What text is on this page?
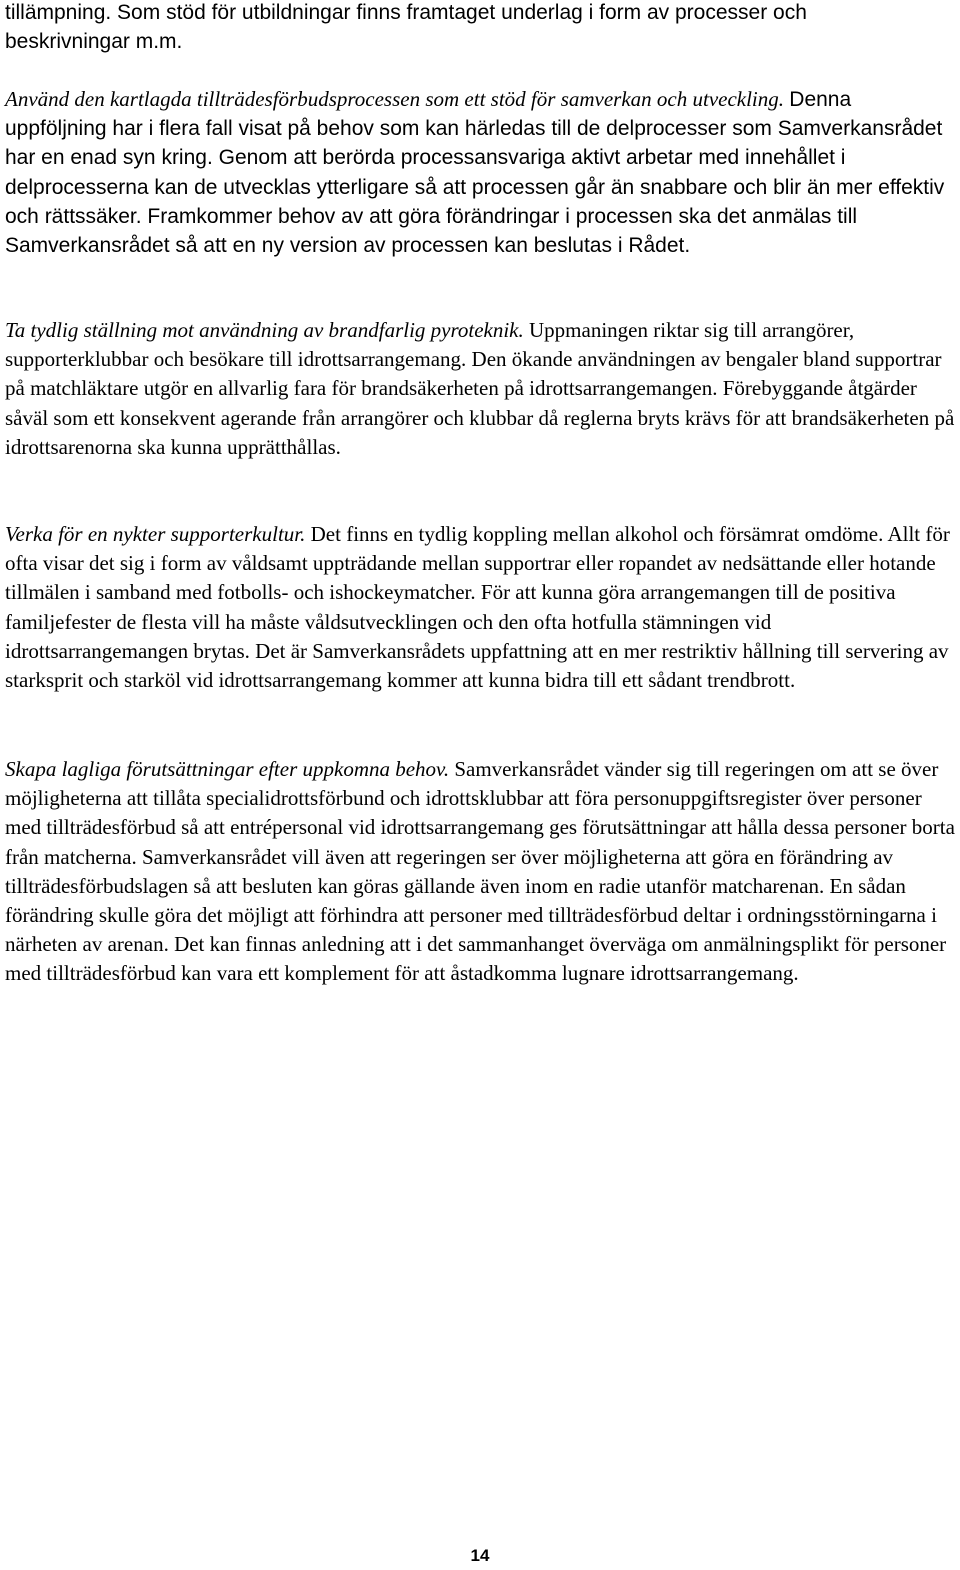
tillämpning. Som stöd för utbildningar finns framtaget underlag i form av processer och beskrivningar m.m.

Använd den kartlagda tillträdesförbudsprocessen som ett stöd för samverkan och utveckling. Denna uppföljning har i flera fall visat på behov som kan härledas till de delprocesser som Samverkansrådet har en enad syn kring. Genom att berörda processansvariga aktivt arbetar med innehållet i delprocesserna kan de utvecklas ytterligare så att processen går än snabbare och blir än mer effektiv och rättssäker. Framkommer behov av att göra förändringar i processen ska det anmälas till Samverkansrådet så att en ny version av processen kan beslutas i Rådet.

Ta tydlig ställning mot användning av brandfarlig pyroteknik. Uppmaningen riktar sig till arrangörer, supporterklubbar och besökare till idrottsarrangemang. Den ökande användningen av bengaler bland supportrar på matchläktare utgör en allvarlig fara för brandsäkerheten på idrottsarrangemangen. Förebyggande åtgärder såväl som ett konsekvent agerande från arrangörer och klubbar då reglerna bryts krävs för att brandsäkerheten på idrottsarenorna ska kunna upprätthållas.

Verka för en nykter supporterkultur. Det finns en tydlig koppling mellan alkohol och försämrat omdöme. Allt för ofta visar det sig i form av våldsamt uppträdande mellan supportrar eller ropandet av nedsättande eller hotande tillmälen i samband med fotbolls- och ishockeymatcher. För att kunna göra arrangemangen till de positiva familjefester de flesta vill ha måste våldsutvecklingen och den ofta hotfulla stämningen vid idrottsarrangemangen brytas. Det är Samverkansrådets uppfattning att en mer restriktiv hållning till servering av starksprit och starköl vid idrottsarrangemang kommer att kunna bidra till ett sådant trendbrott.

Skapa lagliga förutsättningar efter uppkomna behov. Samverkansrådet vänder sig till regeringen om att se över möjligheterna att tillåta specialidrottsförbund och idrottsklubbar att föra personuppgiftsregister över personer med tillträdesförbud så att entrépersonal vid idrottsarrangemang ges förutsättningar att hålla dessa personer borta från matcherna. Samverkansrådet vill även att regeringen ser över möjligheterna att göra en förändring av tillträdesförbudslagen så att besluten kan göras gällande även inom en radie utanför matcharenan. En sådan förändring skulle göra det möjligt att förhindra att personer med tillträdesförbud deltar i ordningsstörningarna i närheten av arenan. Det kan finnas anledning att i det sammanhanget överväga om anmälningsplikt för personer med tillträdesförbud kan vara ett komplement för att åstadkomma lugnare idrottsarrangemang.

14
